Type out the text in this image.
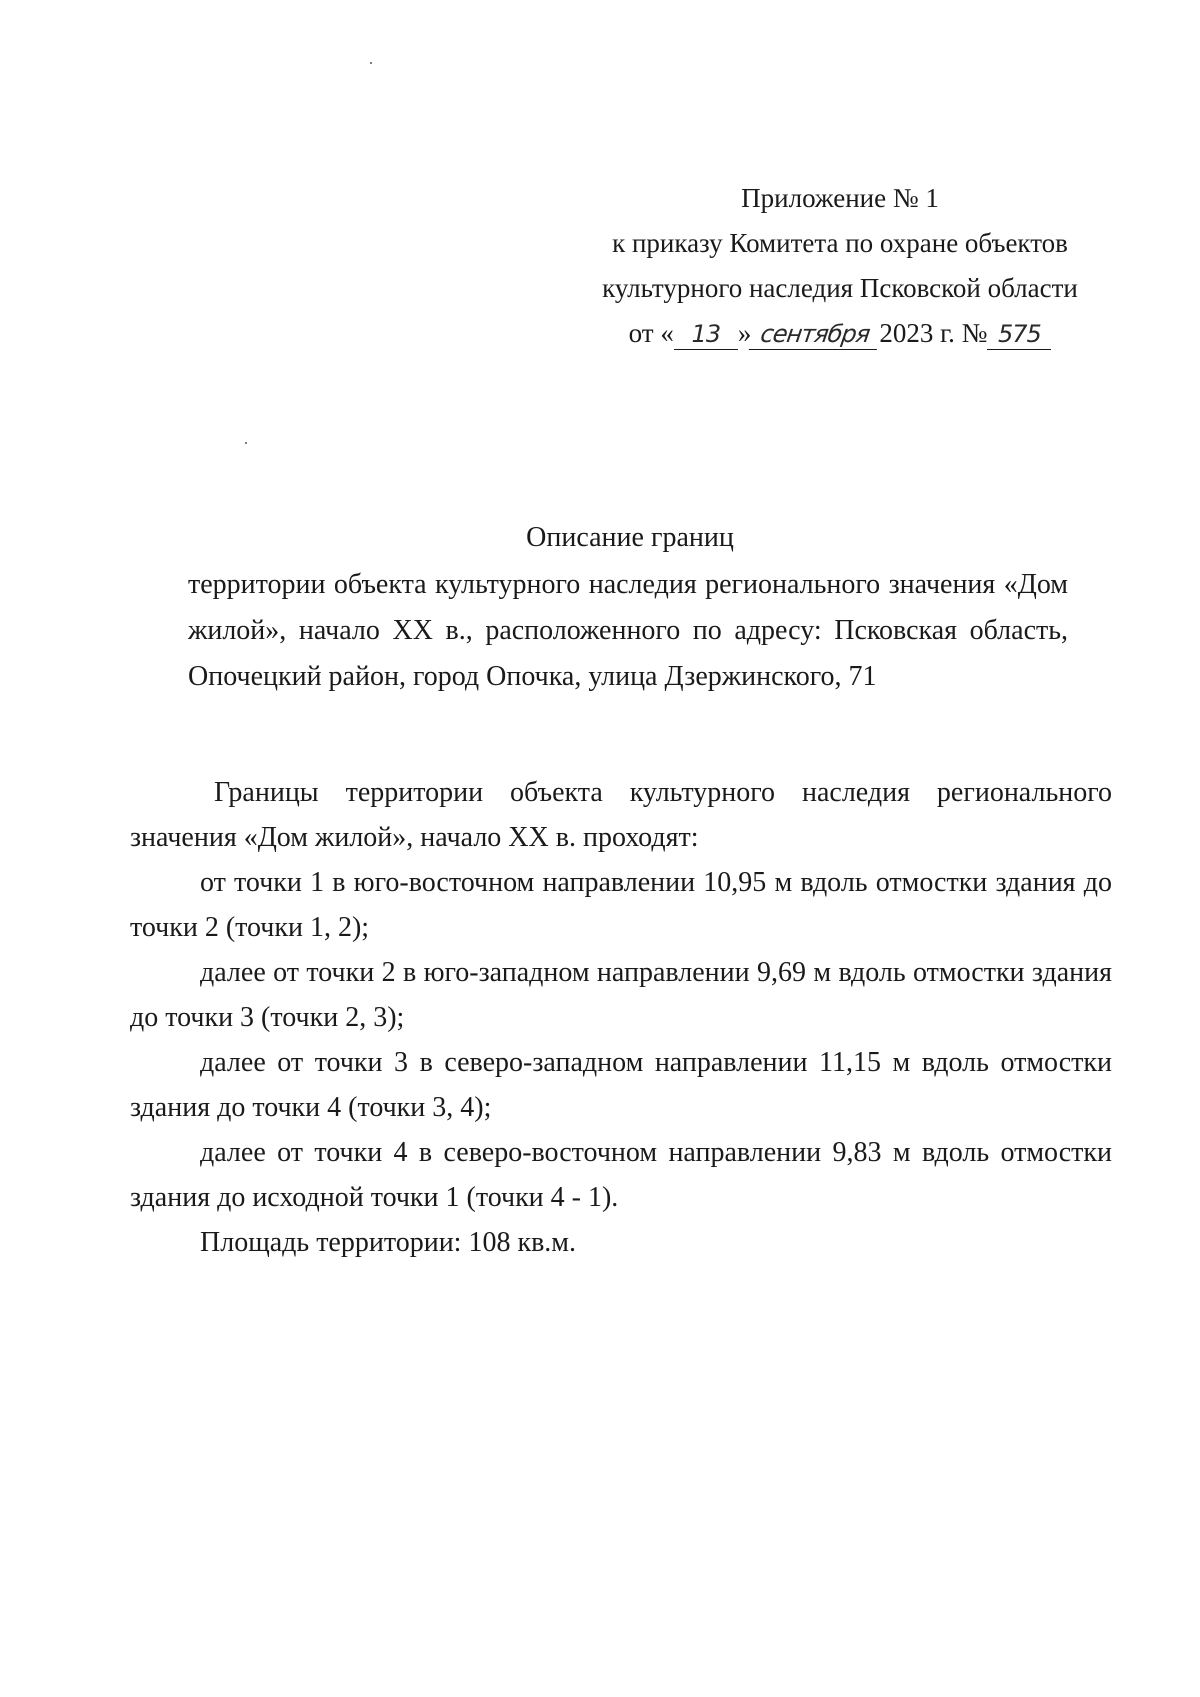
Приложение № 1
к приказу Комитета по охране объектов
культурного наследия Псковской области
от « 13 » сентября 2023 г. № 575
Описание границ
территории объекта культурного наследия регионального значения «Дом жилой», начало XX в., расположенного по адресу: Псковская область, Опочецкий район, город Опочка, улица Дзержинского, 71

Границы территории объекта культурного наследия регионального значения «Дом жилой», начало XX в. проходят:

от точки 1 в юго-восточном направлении 10,95 м вдоль отмостки здания до точки 2 (точки 1, 2);

далее от точки 2 в юго-западном направлении 9,69 м вдоль отмостки здания до точки 3 (точки 2, 3);

далее от точки 3 в северо-западном направлении 11,15 м вдоль отмостки здания до точки 4 (точки 3, 4);

далее от точки 4 в северо-восточном направлении 9,83 м вдоль отмостки здания до исходной точки 1 (точки 4 - 1).

Площадь территории: 108 кв.м.
